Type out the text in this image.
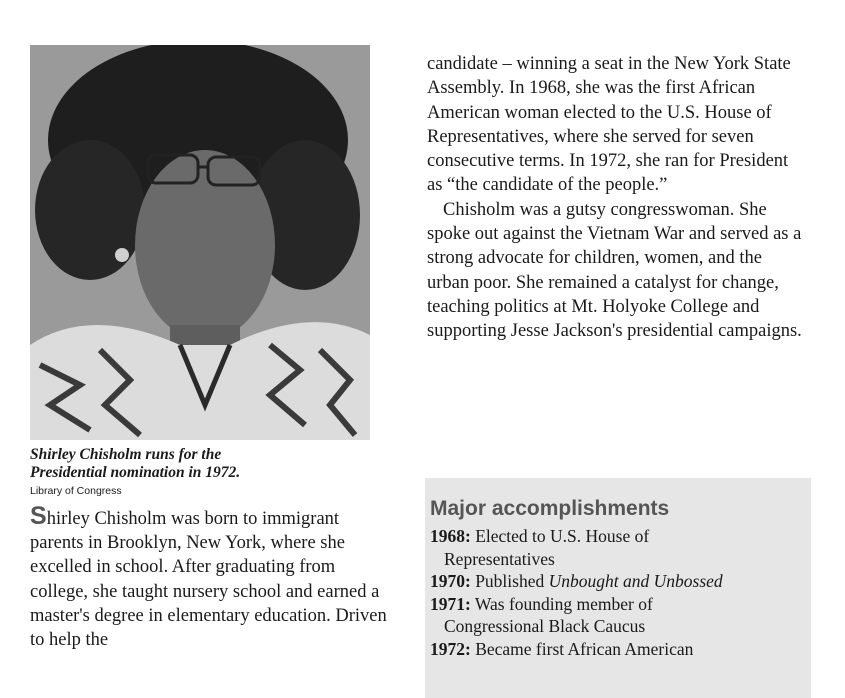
Shirley Chisholm runs for the
Presidential nomination in 1972.
Library of Congress

Shirley Chisholm was born to immigrant parents in Brooklyn, New York, where she excelled in school. After graduating from college, she taught nursery school and earned a master's degree in elementary education. Driven to help the

candidate – winning a seat in the New York State Assembly. In 1968, she was the first African American woman elected to the U.S. House of Representatives, where she served for seven consecutive terms. In 1972, she ran for President as “the candidate of the people.”

Chisholm was a gutsy congresswoman. She spoke out against the Vietnam War and served as a strong advocate for children, women, and the urban poor. She remained a catalyst for change, teaching politics at Mt. Holyoke College and supporting Jesse Jackson's presidential campaigns.

Major accomplishments
1968: Elected to U.S. House of
Representatives
1970: Published Unbought and Unbossed
1971: Was founding member of
Congressional Black Caucus
1972: Became first African American
